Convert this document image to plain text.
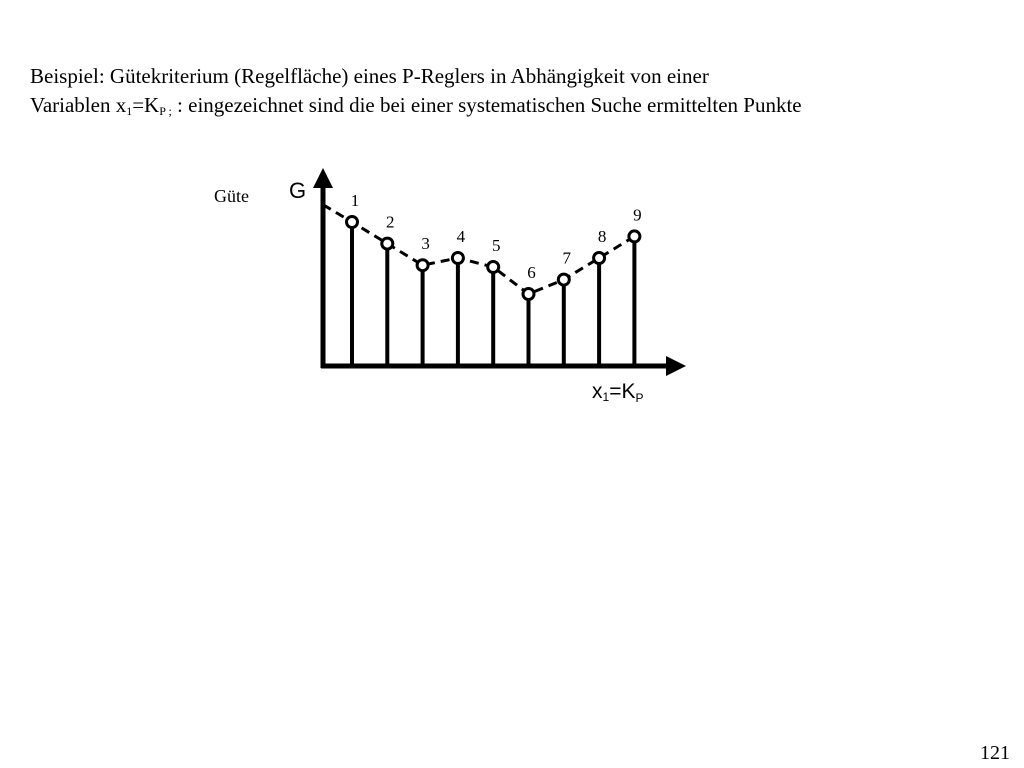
Beispiel: Gütekriterium (Regelfläche) eines P-Reglers in Abhängigkeit von einer
Variablen $x_1=K_{P ;}$ : eingezeichnet sind die bei einer systematischen Suche ermittelten Punkte
Güte G
x1=KP
1
2
3 4 5
6
7
8
9
121
